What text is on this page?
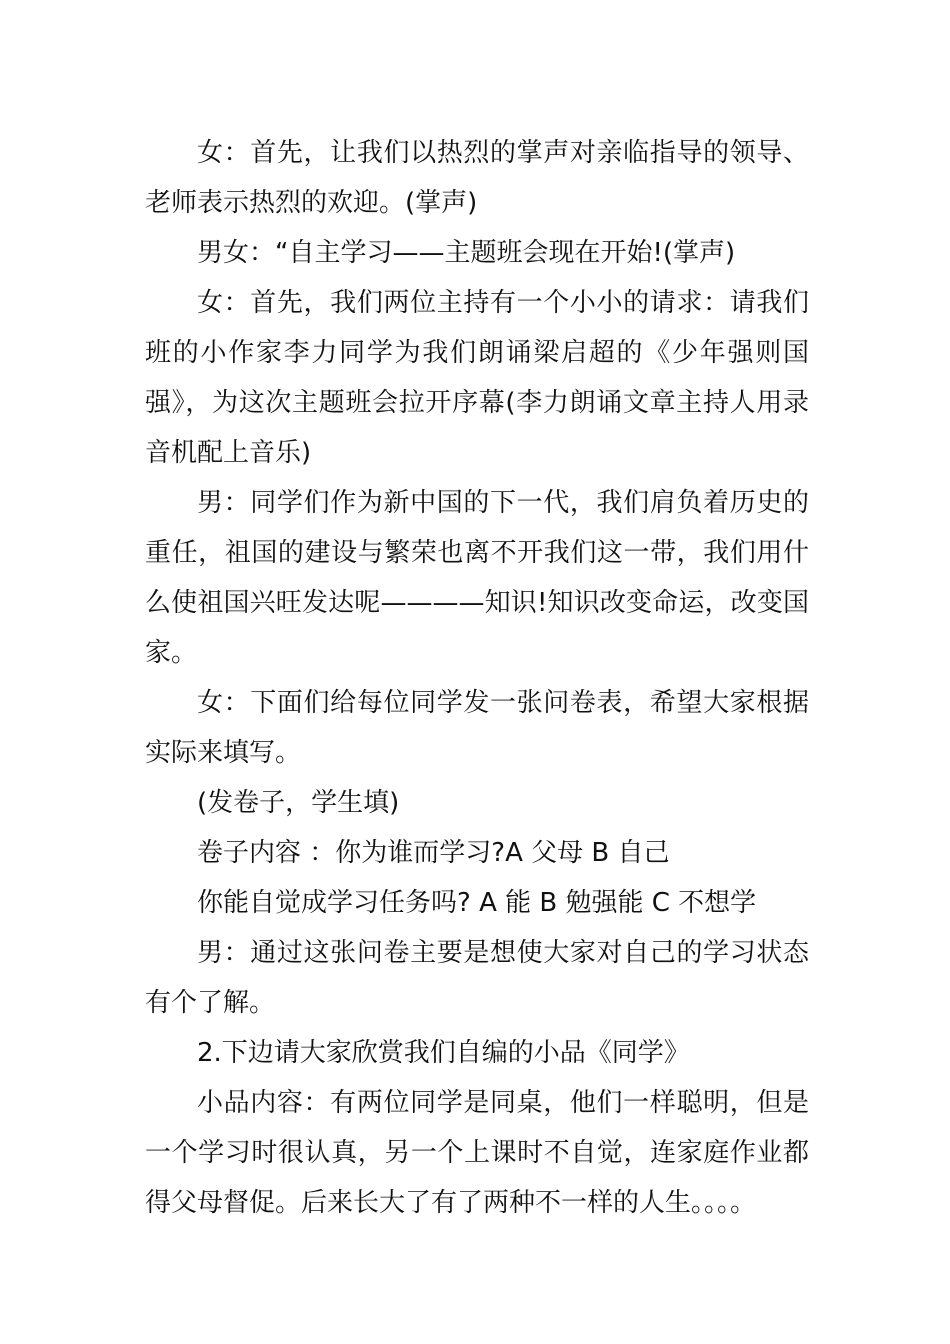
女：首先，让我们以热烈的掌声对亲临指导的领导、老师表示热烈的欢迎。(掌声)

男女：“自主学习——主题班会现在开始!(掌声)

女：首先，我们两位主持有一个小小的请求：请我们班的小作家李力同学为我们朗诵梁启超的《少年强则国强》，为这次主题班会拉开序幕(李力朗诵文章主持人用录音机配上音乐)

男：同学们作为新中国的下一代，我们肩负着历史的重任，祖国的建设与繁荣也离不开我们这一带，我们用什么使祖国兴旺发达呢————知识!知识改变命运，改变国家。

女：下面们给每位同学发一张问卷表，希望大家根据实际来填写。

(发卷子，学生填)

卷子内容 ：你为谁而学习?A 父母 B 自己

你能自觉成学习任务吗? A 能 B 勉强能 C 不想学

男：通过这张问卷主要是想使大家对自己的学习状态有个了解。

2.下边请大家欣赏我们自编的小品《同学》

小品内容：有两位同学是同桌，他们一样聪明，但是一个学习时很认真，另一个上课时不自觉，连家庭作业都得父母督促。后来长大了有了两种不一样的人生。。。。
